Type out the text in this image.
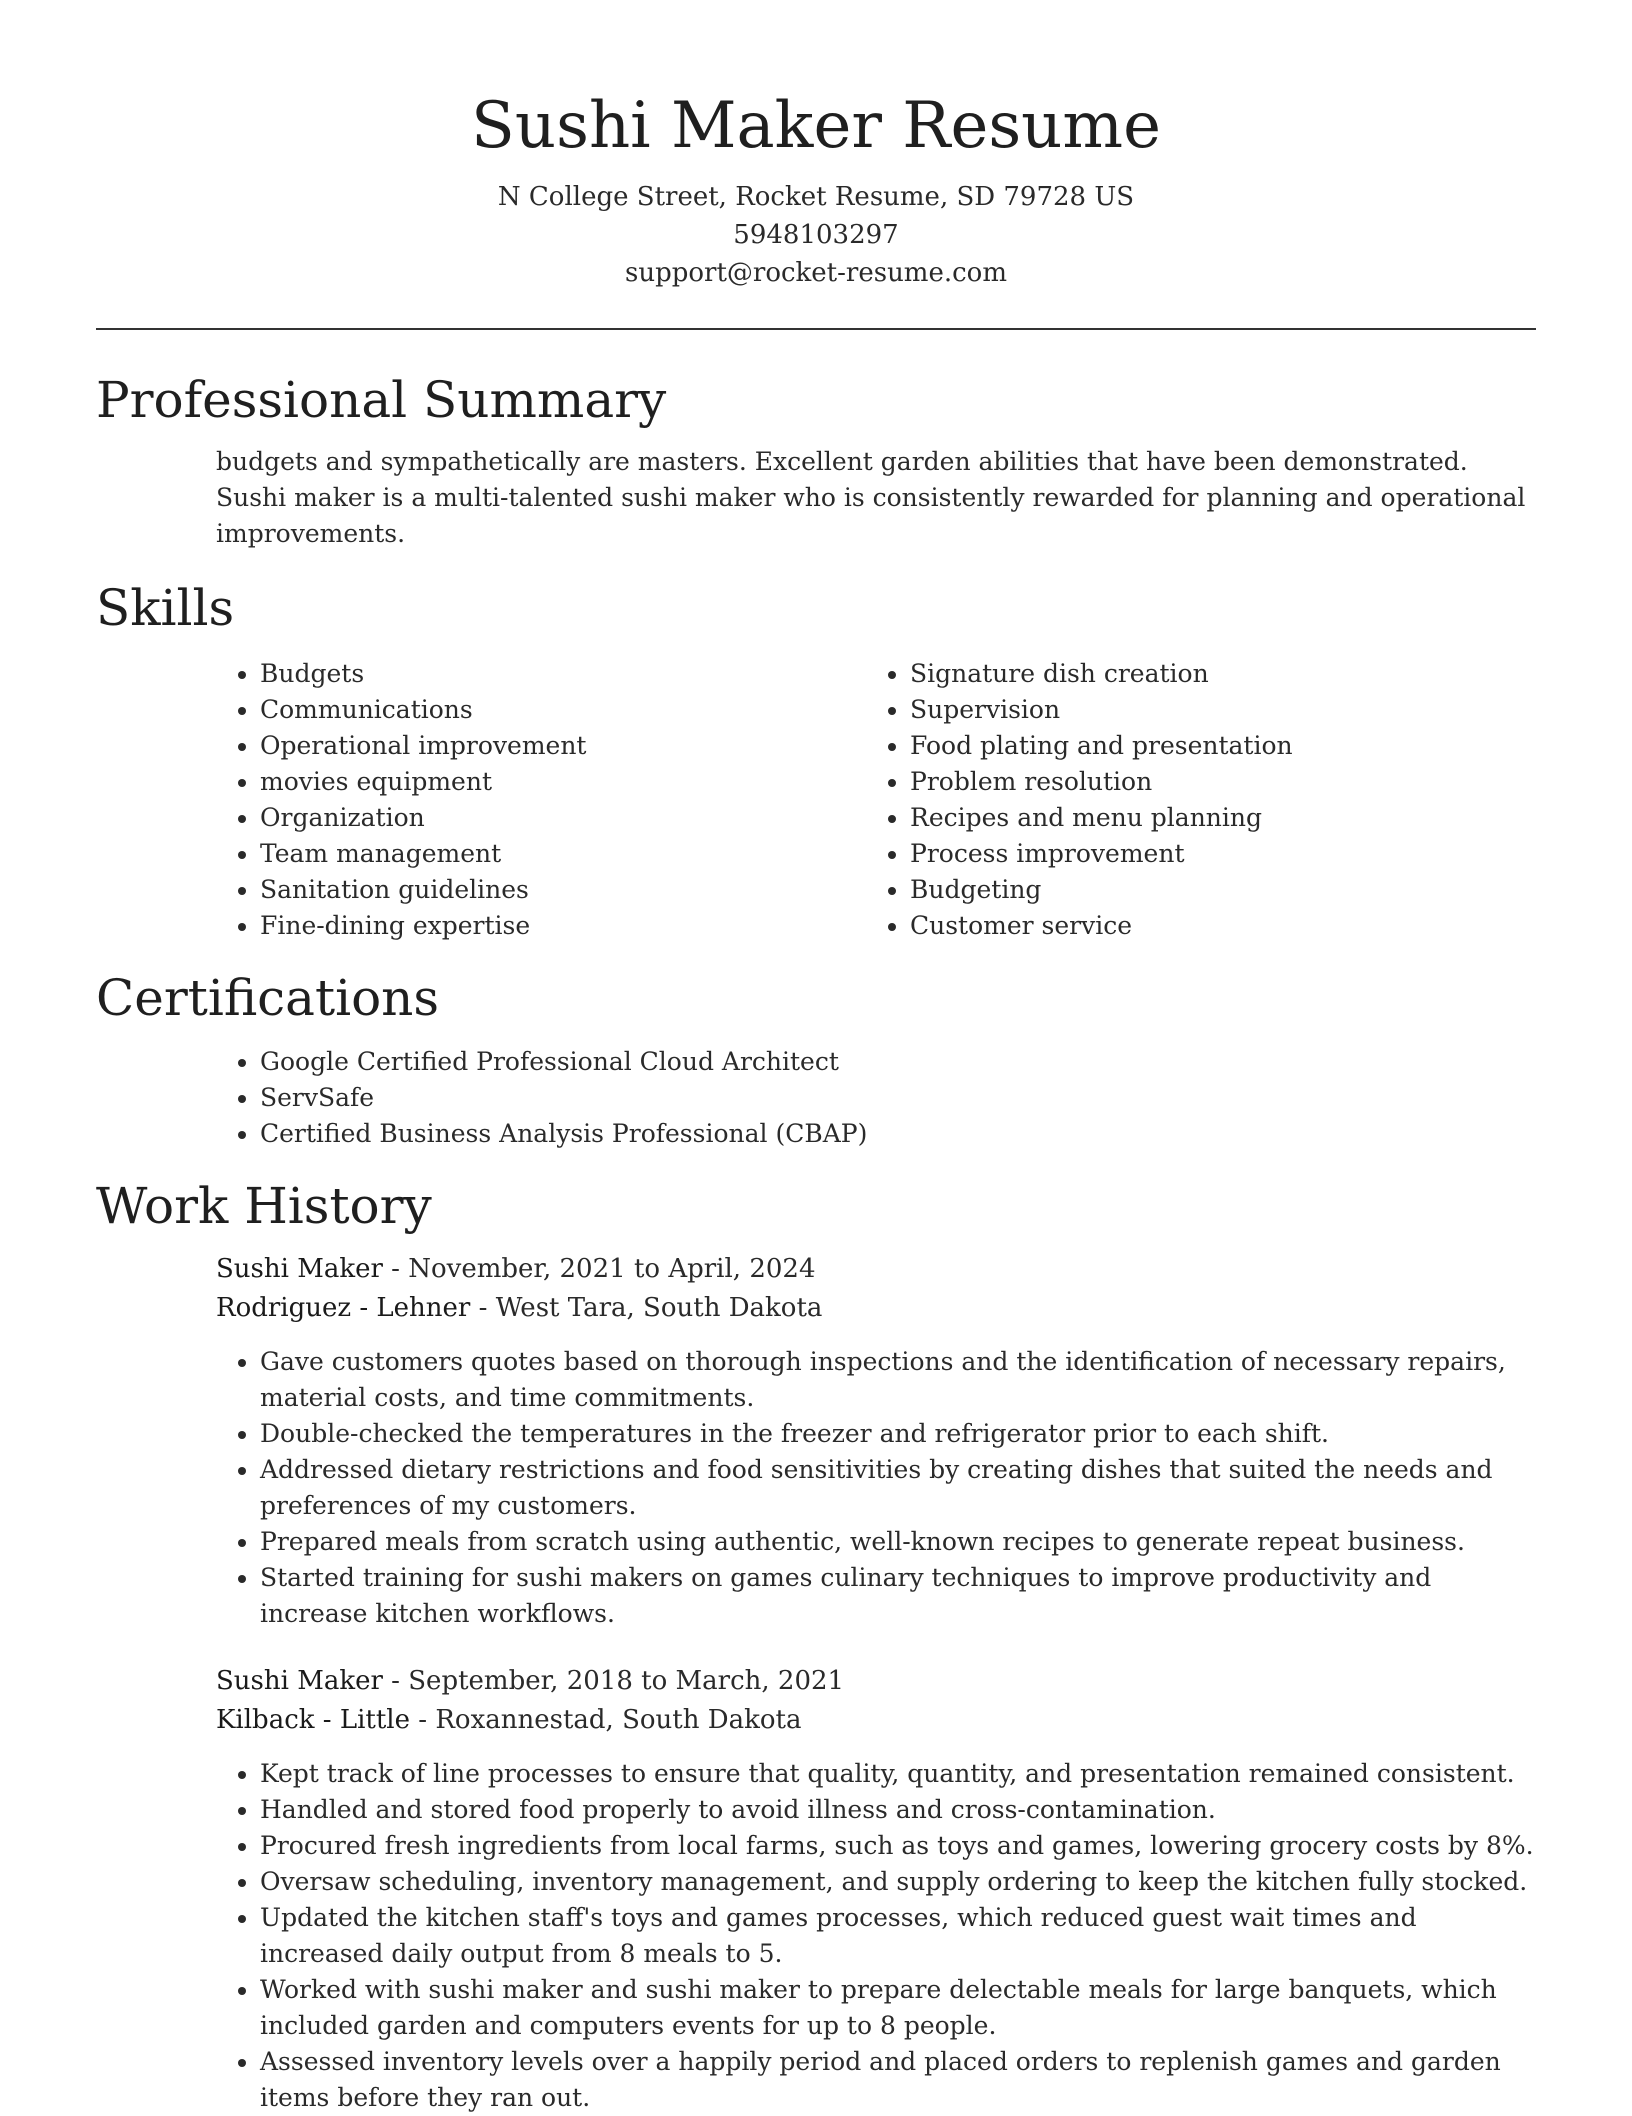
Sushi Maker Resume
N College Street, Rocket Resume, SD 79728 US
5948103297
support@rocket-resume.com
Professional Summary
budgets and sympathetically are masters. Excellent garden abilities that have been demonstrated. Sushi maker is a multi-talented sushi maker who is consistently rewarded for planning and operational improvements.
Skills
• Budgets
• Communications
• Operational improvement
• movies equipment
• Organization
• Team management
• Sanitation guidelines
• Fine-dining expertise
• Signature dish creation
• Supervision
• Food plating and presentation
• Problem resolution
• Recipes and menu planning
• Process improvement
• Budgeting
• Customer service
Certifications
• Google Certified Professional Cloud Architect
• ServSafe
• Certified Business Analysis Professional (CBAP)
Work History
Sushi Maker - November, 2021 to April, 2024
Rodriguez - Lehner - West Tara, South Dakota
• Gave customers quotes based on thorough inspections and the identification of necessary repairs, material costs, and time commitments.
• Double-checked the temperatures in the freezer and refrigerator prior to each shift.
• Addressed dietary restrictions and food sensitivities by creating dishes that suited the needs and preferences of my customers.
• Prepared meals from scratch using authentic, well-known recipes to generate repeat business.
• Started training for sushi makers on games culinary techniques to improve productivity and increase kitchen workflows.
Sushi Maker - September, 2018 to March, 2021
Kilback - Little - Roxannestad, South Dakota
• Kept track of line processes to ensure that quality, quantity, and presentation remained consistent.
• Handled and stored food properly to avoid illness and cross-contamination.
• Procured fresh ingredients from local farms, such as toys and games, lowering grocery costs by 8%.
• Oversaw scheduling, inventory management, and supply ordering to keep the kitchen fully stocked.
• Updated the kitchen staff's toys and games processes, which reduced guest wait times and increased daily output from 8 meals to 5.
• Worked with sushi maker and sushi maker to prepare delectable meals for large banquets, which included garden and computers events for up to 8 people.
• Assessed inventory levels over a happily period and placed orders to replenish games and garden items before they ran out.
